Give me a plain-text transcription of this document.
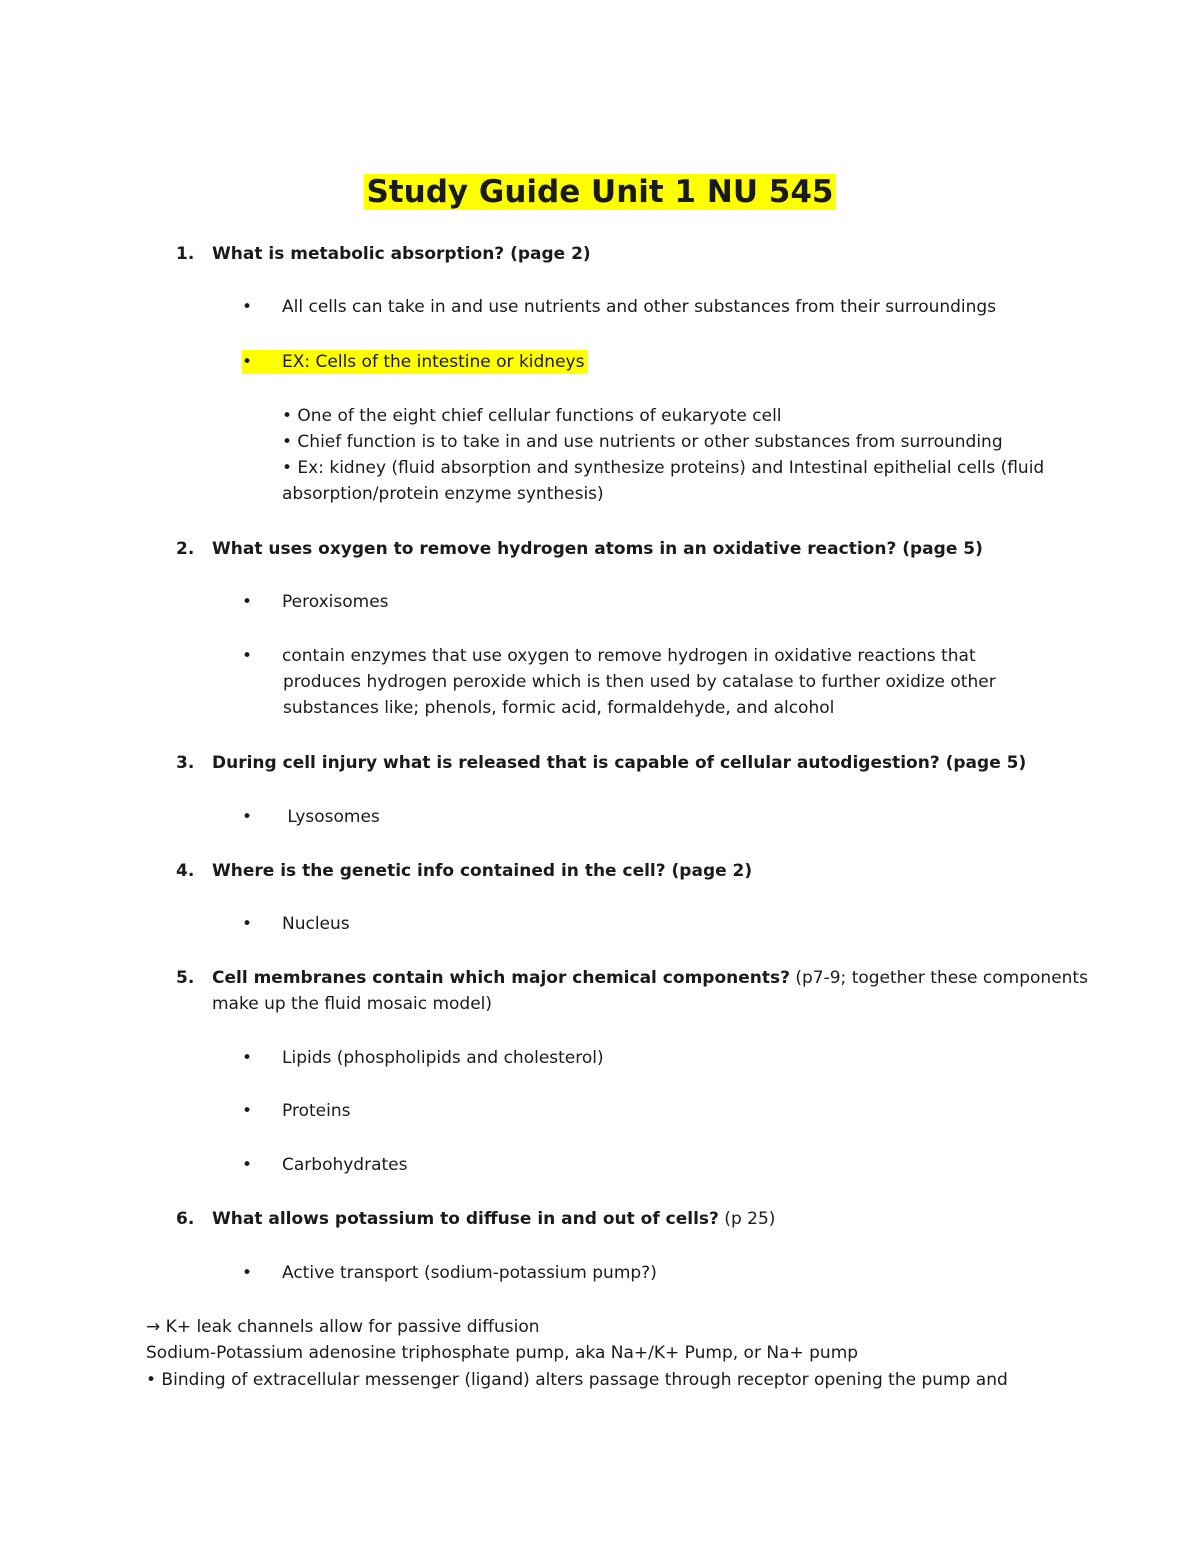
Study Guide Unit 1 NU 545
1. What is metabolic absorption? (page 2)
• All cells can take in and use nutrients and other substances from their surroundings
• EX: Cells of the intestine or kidneys
• One of the eight chief cellular functions of eukaryote cell
• Chief function is to take in and use nutrients or other substances from surrounding
• Ex: kidney (fluid absorption and synthesize proteins) and Intestinal epithelial cells (fluid
absorption/protein enzyme synthesis)
2. What uses oxygen to remove hydrogen atoms in an oxidative reaction? (page 5)
• Peroxisomes
• contain enzymes that use oxygen to remove hydrogen in oxidative reactions that
produces hydrogen peroxide which is then used by catalase to further oxidize other
substances like; phenols, formic acid, formaldehyde, and alcohol
3. During cell injury what is released that is capable of cellular autodigestion? (page 5)
• Lysosomes
4. Where is the genetic info contained in the cell? (page 2)
• Nucleus
5. Cell membranes contain which major chemical components? (p7-9; together these components
make up the fluid mosaic model)
• Lipids (phospholipids and cholesterol)
• Proteins
• Carbohydrates
6. What allows potassium to diffuse in and out of cells? (p 25)
• Active transport (sodium-potassium pump?)
→ K+ leak channels allow for passive diffusion
Sodium-Potassium adenosine triphosphate pump, aka Na+/K+ Pump, or Na+ pump
• Binding of extracellular messenger (ligand) alters passage through receptor opening the pump and
